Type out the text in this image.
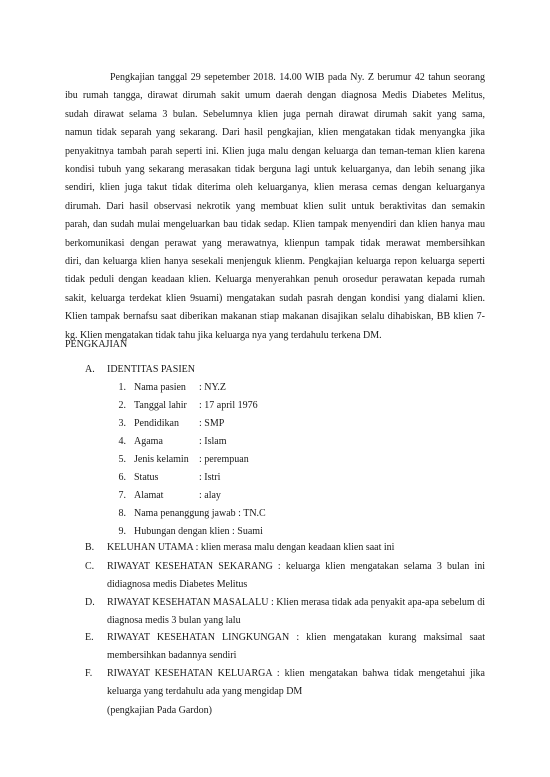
Pengkajian tanggal 29 sepetember 2018. 14.00 WIB pada Ny. Z berumur 42 tahun seorang
ibu rumah tangga, dirawat dirumah sakit umum daerah dengan diagnosa Medis Diabetes Melitus,
sudah dirawat selama 3 bulan. Sebelumnya klien juga pernah dirawat dirumah sakit yang sama,
namun tidak separah yang sekarang. Dari hasil pengkajian, klien mengatakan tidak menyangka jika
penyakitnya tambah parah seperti ini. Klien juga malu dengan keluarga dan teman-teman klien karena
kondisi tubuh yang sekarang merasakan tidak berguna lagi untuk keluarganya, dan lebih senang jika
sendiri, klien juga takut tidak diterima oleh keluarganya, klien merasa cemas dengan keluarganya
dirumah. Dari hasil observasi nekrotik yang membuat klien sulit untuk beraktivitas dan semakin
parah, dan sudah mulai mengeluarkan bau tidak sedap. Klien tampak menyendiri dan klien hanya mau
berkomunikasi dengan perawat yang merawatnya, klienpun tampak tidak merawat membersihkan
diri, dan keluarga klien hanya sesekali menjenguk klienm. Pengkajian keluarga repon keluarga seperti
tidak peduli dengan keadaan klien. Keluarga menyerahkan penuh orosedur perawatan kepada rumah
sakit, keluarga terdekat klien 9suami) mengatakan sudah pasrah dengan kondisi yang dialami klien.
Klien tampak bernafsu saat diberikan makanan stiap makanan disajikan selalu dihabiskan, BB klien 7-
kg. Klien mengatakan tidak tahu jika keluarga nya yang terdahulu terkena DM.
PENGKAJIAN
A. IDENTITAS PASIEN
1. Nama pasien : NY.Z
2. Tanggal lahir : 17 april 1976
3. Pendidikan : SMP
4. Agama	: Islam
5. Jenis kelamin : perempuan
6. Status	: Istri
7. Alamat	: alay
8. Nama penanggung jawab : TN.C
9. Hubungan dengan klien : Suami
B. KELUHAN UTAMA : klien merasa malu dengan keadaan klien saat ini
C. RIWAYAT KESEHATAN SEKARANG : keluarga klien mengatakan selama 3 bulan ini didiagnosa medis Diabetes Melitus
D. RIWAYAT KESEHATAN MASALALU : Klien merasa tidak ada penyakit apa-apa sebelum di diagnosa medis 3 bulan yang lalu
E. RIWAYAT KESEHATAN LINGKUNGAN : klien mengatakan kurang maksimal saat membersihkan badannya sendiri
F. RIWAYAT KESEHATAN KELUARGA : klien mengatakan bahwa tidak mengetahui jika keluarga yang terdahulu ada yang mengidap DM
(pengkajian Pada Gardon)
